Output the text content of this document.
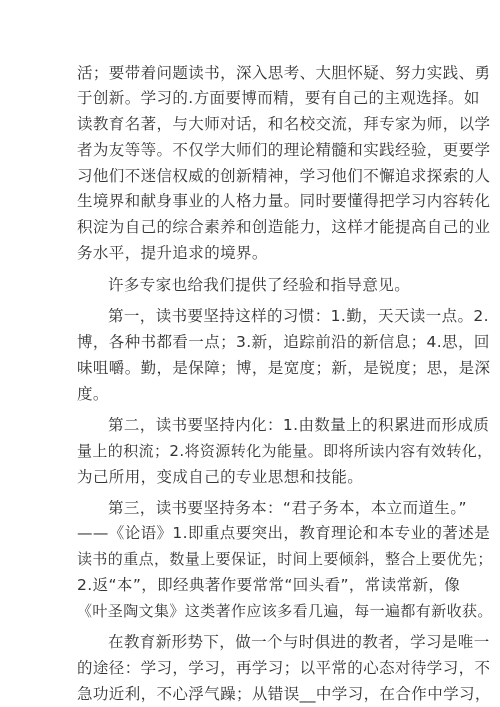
活；要带着问题读书，深入思考、大胆怀疑、努力实践、勇
于创新。学习的.方面要博而精，要有自己的主观选择。如
读教育名著，与大师对话，和名校交流，拜专家为师，以学
者为友等等。不仅学大师们的理论精髓和实践经验，更要学
习他们不迷信权威的创新精神，学习他们不懈追求探索的人
生境界和献身事业的人格力量。同时要懂得把学习内容转化
积淀为自己的综合素养和创造能力，这样才能提高自己的业
务水平，提升追求的境界。
许多专家也给我们提供了经验和指导意见。
第一，读书要坚持这样的习惯：1.勤，天天读一点。2.
博，各种书都看一点；3.新，追踪前沿的新信息；4.思，回
味咀嚼。勤，是保障；博，是宽度；新，是锐度；思，是深
度。
第二，读书要坚持内化：1.由数量上的积累进而形成质
量上的积流；2.将资源转化为能量。即将所读内容有效转化，
为己所用，变成自己的专业思想和技能。
第三，读书要坚持务本：“君子务本，本立而道生。”
——《论语》1.即重点要突出，教育理论和本专业的著述是
读书的重点，数量上要保证，时间上要倾斜，整合上要优先；
2.返“本”，即经典著作要常常“回头看”，常读常新，像
《叶圣陶文集》这类著作应该多看几遍，每一遍都有新收获。
在教育新形势下，做一个与时俱进的教者，学习是唯一
的途径：学习，学习，再学习；以平常的心态对待学习，不
急功近利，不心浮气躁；从错误__中学习，在合作中学习，
